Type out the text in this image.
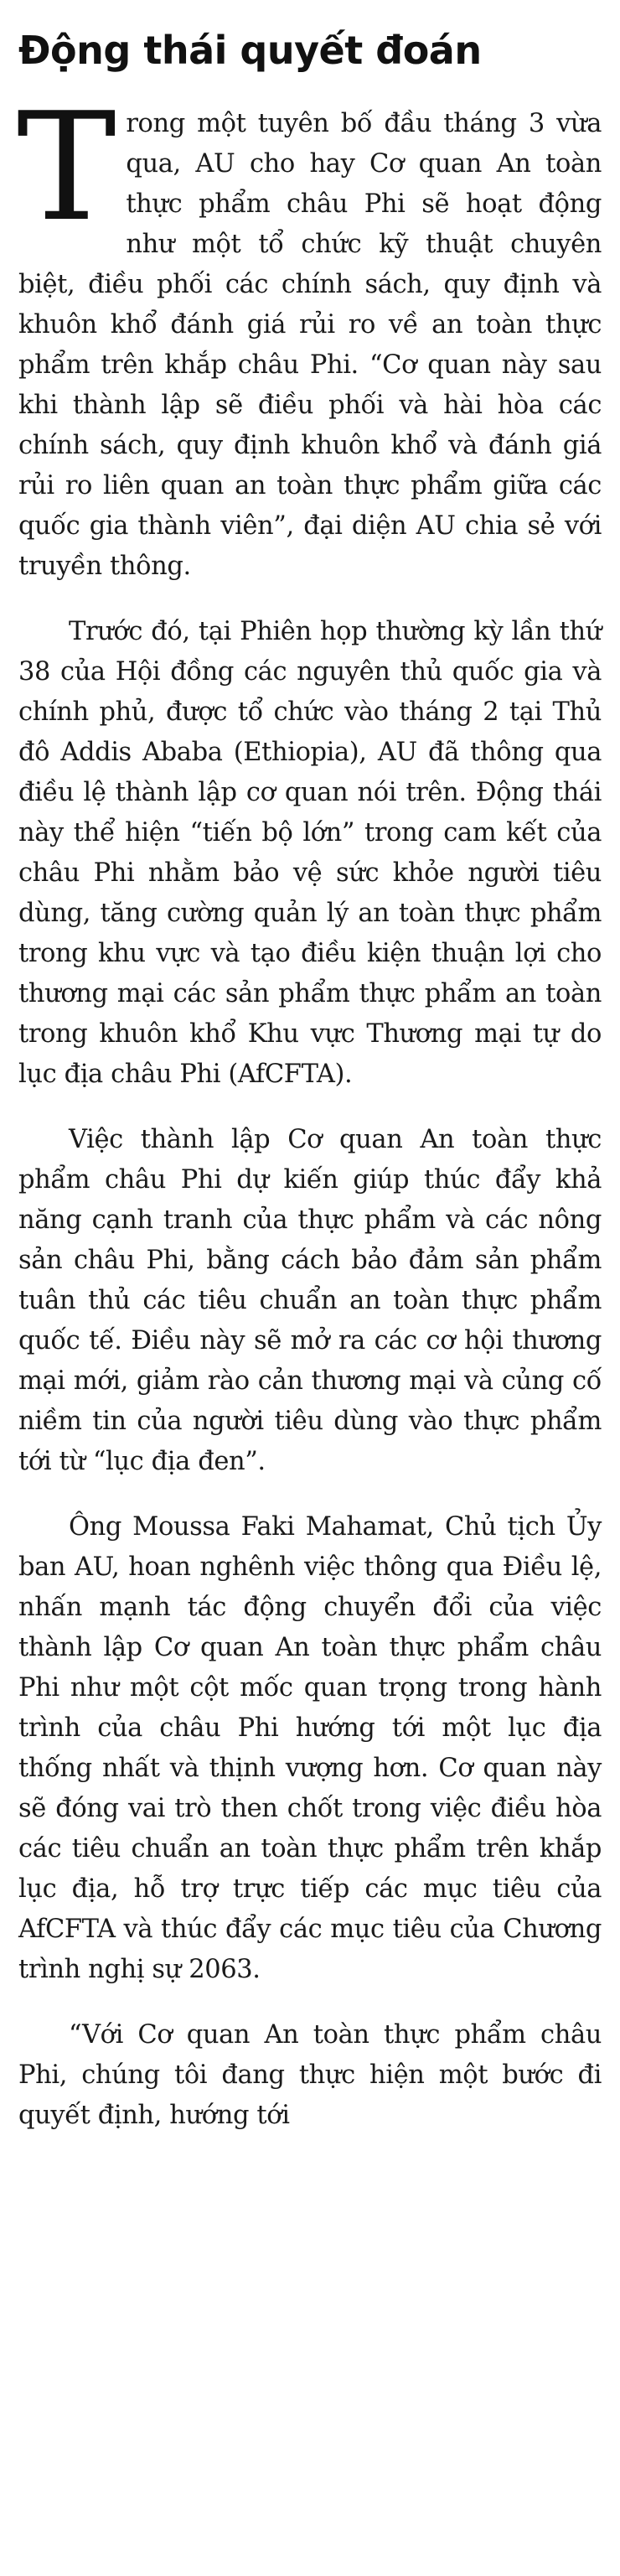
Động thái quyết đoán

Trong một tuyên bố đầu tháng 3 vừa qua, AU cho hay Cơ quan An toàn thực phẩm châu Phi sẽ hoạt động như một tổ chức kỹ thuật chuyên biệt, điều phối các chính sách, quy định và khuôn khổ đánh giá rủi ro về an toàn thực phẩm trên khắp châu Phi. “Cơ quan này sau khi thành lập sẽ điều phối và hài hòa các chính sách, quy định khuôn khổ và đánh giá rủi ro liên quan an toàn thực phẩm giữa các quốc gia thành viên”, đại diện AU chia sẻ với truyền thông.

Trước đó, tại Phiên họp thường kỳ lần thứ 38 của Hội đồng các nguyên thủ quốc gia và chính phủ, được tổ chức vào tháng 2 tại Thủ đô Addis Ababa (Ethiopia), AU đã thông qua điều lệ thành lập cơ quan nói trên. Động thái này thể hiện “tiến bộ lớn” trong cam kết của châu Phi nhằm bảo vệ sức khỏe người tiêu dùng, tăng cường quản lý an toàn thực phẩm trong khu vực và tạo điều kiện thuận lợi cho thương mại các sản phẩm thực phẩm an toàn trong khuôn khổ Khu vực Thương mại tự do lục địa châu Phi (AfCFTA).

Việc thành lập Cơ quan An toàn thực phẩm châu Phi dự kiến giúp thúc đẩy khả năng cạnh tranh của thực phẩm và các nông sản châu Phi, bằng cách bảo đảm sản phẩm tuân thủ các tiêu chuẩn an toàn thực phẩm quốc tế. Điều này sẽ mở ra các cơ hội thương mại mới, giảm rào cản thương mại và củng cố niềm tin của người tiêu dùng vào thực phẩm tới từ “lục địa đen”.

Ông Moussa Faki Mahamat, Chủ tịch Ủy ban AU, hoan nghênh việc thông qua Điều lệ, nhấn mạnh tác động chuyển đổi của việc thành lập Cơ quan An toàn thực phẩm châu Phi như một cột mốc quan trọng trong hành trình của châu Phi hướng tới một lục địa thống nhất và thịnh vượng hơn. Cơ quan này sẽ đóng vai trò then chốt trong việc điều hòa các tiêu chuẩn an toàn thực phẩm trên khắp lục địa, hỗ trợ trực tiếp các mục tiêu của AfCFTA và thúc đẩy các mục tiêu của Chương trình nghị sự 2063.

“Với Cơ quan An toàn thực phẩm châu Phi, chúng tôi đang thực hiện một bước đi quyết định, hướng tới
